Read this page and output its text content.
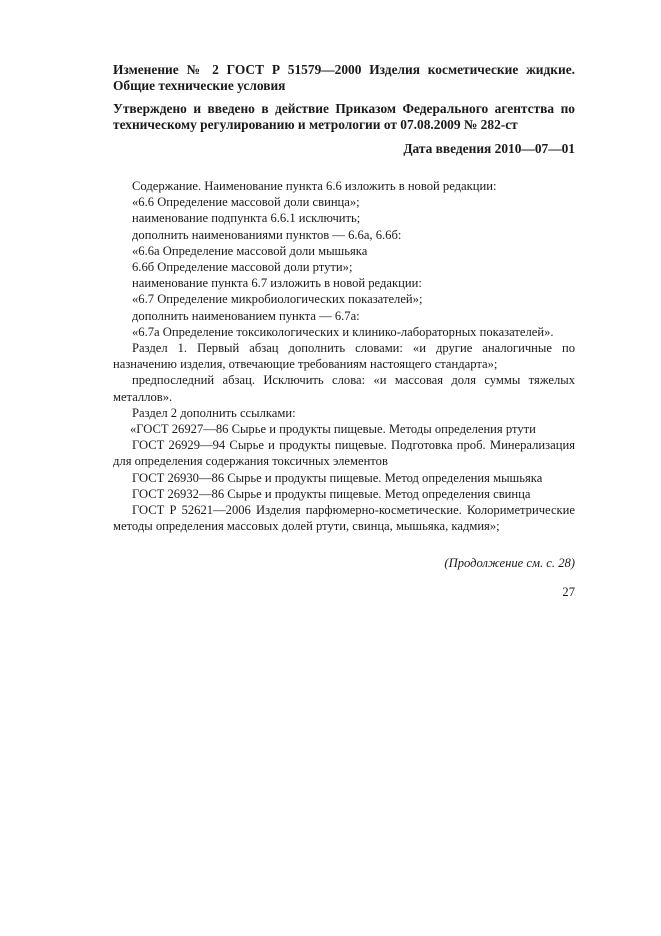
Изменение № 2 ГОСТ Р 51579—2000 Изделия косметические жидкие. Общие технические условия

Утверждено и введено в действие Приказом Федерального агентства по техническому регулированию и метрологии от 07.08.2009 № 282-ст

Дата введения 2010—07—01

Содержание. Наименование пункта 6.6 изложить в новой редакции:

«6.6 Определение массовой доли свинца»;

наименование подпункта 6.6.1 исключить;

дополнить наименованиями пунктов — 6.6а, 6.6б:

«6.6а Определение массовой доли мышьяка

6.6б Определение массовой доли ртути»;

наименование пункта 6.7 изложить в новой редакции:

«6.7 Определение микробиологических показателей»;

дополнить наименованием пункта — 6.7а:

«6.7а Определение токсикологических и клинико-лабораторных показателей».

Раздел 1. Первый абзац дополнить словами: «и другие аналогичные по назначению изделия, отвечающие требованиям настоящего стандарта»;

предпоследний абзац. Исключить слова: «и массовая доля суммы тяжелых металлов».

Раздел 2 дополнить ссылками:

«ГОСТ 26927—86 Сырье и продукты пищевые. Методы определения ртути

ГОСТ 26929—94 Сырье и продукты пищевые. Подготовка проб. Минерализация для определения содержания токсичных элементов

ГОСТ 26930—86 Сырье и продукты пищевые. Метод определения мышьяка

ГОСТ 26932—86 Сырье и продукты пищевые. Метод определения свинца

ГОСТ Р 52621—2006 Изделия парфюмерно-косметические. Колориметрические методы определения массовых долей ртути, свинца, мышьяка, кадмия»;

(Продолжение см. с. 28)
27
